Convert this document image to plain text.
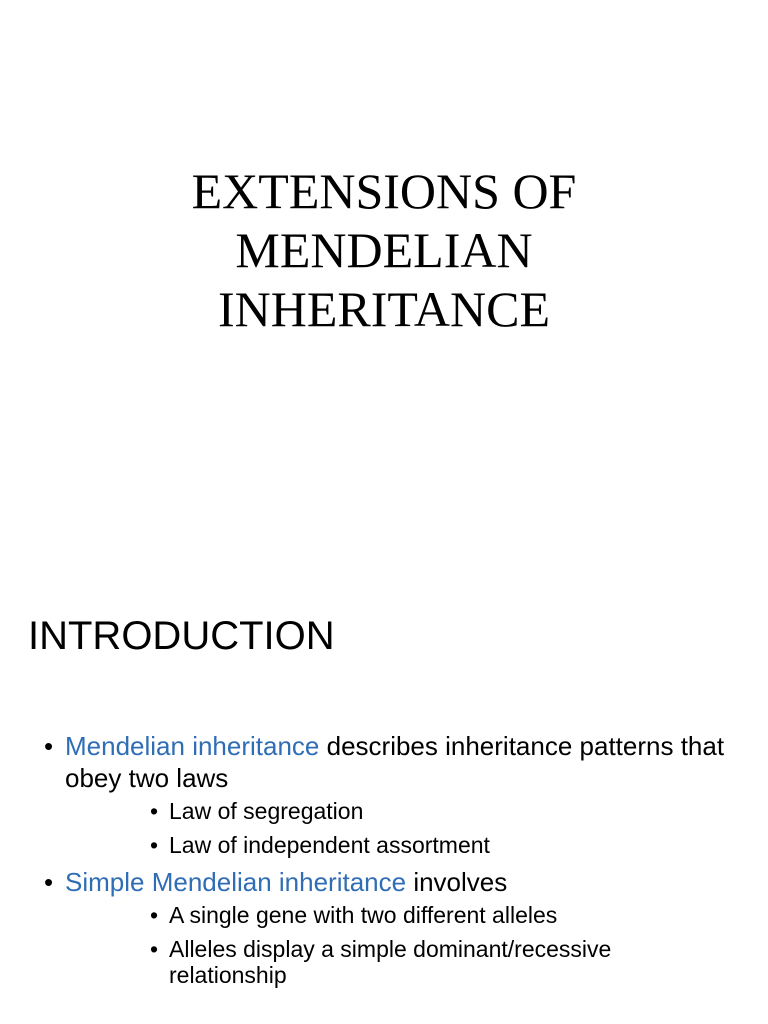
EXTENSIONS OF
MENDELIAN
INHERITANCE
INTRODUCTION
• Mendelian inheritance describes inheritance patterns that obey two laws
• Law of segregation
• Law of independent assortment
• Simple Mendelian inheritance involves
• A single gene with two different alleles
• Alleles display a simple dominant/recessive relationship
